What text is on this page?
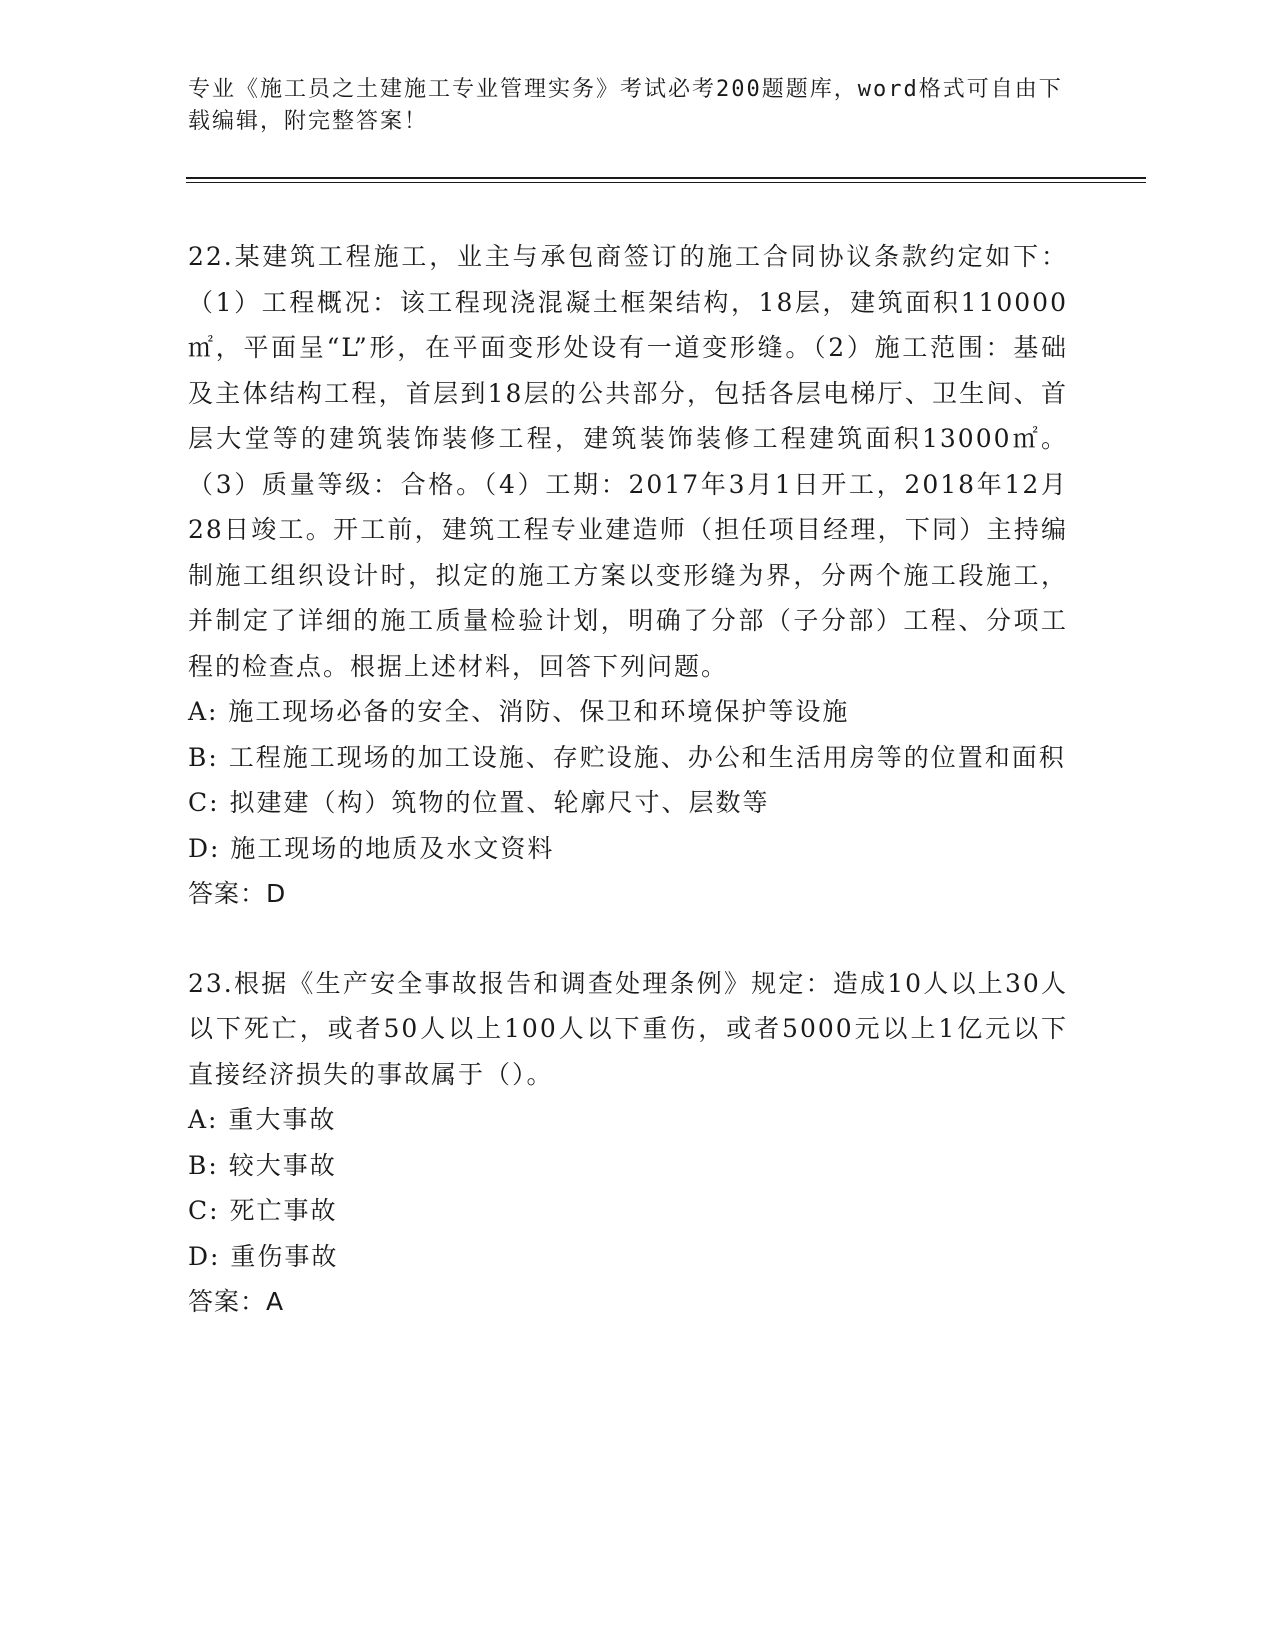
专业《施工员之土建施工专业管理实务》考试必考200题题库，word格式可自由下载编辑，附完整答案！

22.某建筑工程施工，业主与承包商签订的施工合同协议条款约定如下：（1）工程概况：该工程现浇混凝土框架结构，18层，建筑面积110000㎡，平面呈“L”形，在平面变形处设有一道变形缝。（2）施工范围：基础及主体结构工程，首层到18层的公共部分，包括各层电梯厅、卫生间、首层大堂等的建筑装饰装修工程，建筑装饰装修工程建筑面积13000㎡。（3）质量等级：合格。（4）工期：2017年3月1日开工，2018年12月28日竣工。开工前，建筑工程专业建造师（担任项目经理，下同）主持编制施工组织设计时，拟定的施工方案以变形缝为界，分两个施工段施工，并制定了详细的施工质量检验计划，明确了分部（子分部）工程、分项工程的检查点。根据上述材料，回答下列问题。

A: 施工现场必备的安全、消防、保卫和环境保护等设施

B: 工程施工现场的加工设施、存贮设施、办公和生活用房等的位置和面积

C: 拟建建（构）筑物的位置、轮廓尺寸、层数等

D: 施工现场的地质及水文资料

答案：D

23.根据《生产安全事故报告和调查处理条例》规定：造成10人以上30人以下死亡，或者50人以上100人以下重伤，或者5000元以上1亿元以下直接经济损失的事故属于（）。

A: 重大事故

B: 较大事故

C: 死亡事故

D: 重伤事故

答案：A
